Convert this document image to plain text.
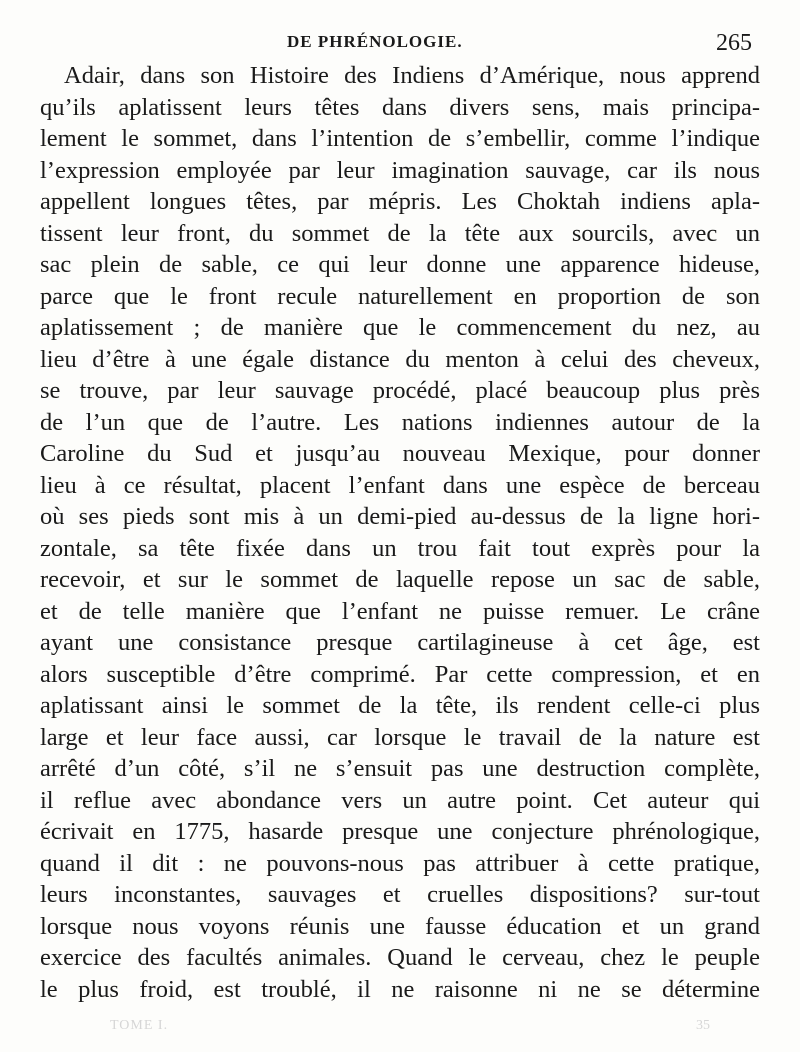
DE PHRÉNOLOGIE.	265
Adair, dans son Histoire des Indiens d’Amérique, nous apprend
qu’ils aplatissent leurs têtes dans divers sens, mais principa-
lement le sommet, dans l’intention de s’embellir, comme l’indique
l’expression employée par leur imagination sauvage, car ils nous
appellent longues têtes, par mépris. Les Choktah indiens apla-
tissent leur front, du sommet de la tête aux sourcils, avec un
sac plein de sable, ce qui leur donne une apparence hideuse,
parce que le front recule naturellement en proportion de son
aplatissement ; de manière que le commencement du nez, au
lieu d’être à une égale distance du menton à celui des cheveux,
se trouve, par leur sauvage procédé, placé beaucoup plus près
de l’un que de l’autre. Les nations indiennes autour de la
Caroline du Sud et jusqu’au nouveau Mexique, pour donner
lieu à ce résultat, placent l’enfant dans une espèce de berceau
où ses pieds sont mis à un demi-pied au-dessus de la ligne hori-
zontale, sa tête fixée dans un trou fait tout exprès pour la
recevoir, et sur le sommet de laquelle repose un sac de sable,
et de telle manière que l’enfant ne puisse remuer. Le crâne
ayant une consistance presque cartilagineuse à cet âge, est
alors susceptible d’être comprimé. Par cette compression, et en
aplatissant ainsi le sommet de la tête, ils rendent celle-ci plus
large et leur face aussi, car lorsque le travail de la nature est
arrêté d’un côté, s’il ne s’ensuit pas une destruction complète,
il reflue avec abondance vers un autre point. Cet auteur qui
écrivait en 1775, hasarde presque une conjecture phrénologique,
quand il dit : ne pouvons-nous pas attribuer à cette pratique,
leurs inconstantes, sauvages et cruelles dispositions? sur-tout
lorsque nous voyons réunis une fausse éducation et un grand
exercice des facultés animales. Quand le cerveau, chez le peuple
le plus froid, est troublé, il ne raisonne ni ne se détermine
TOME I.	35
